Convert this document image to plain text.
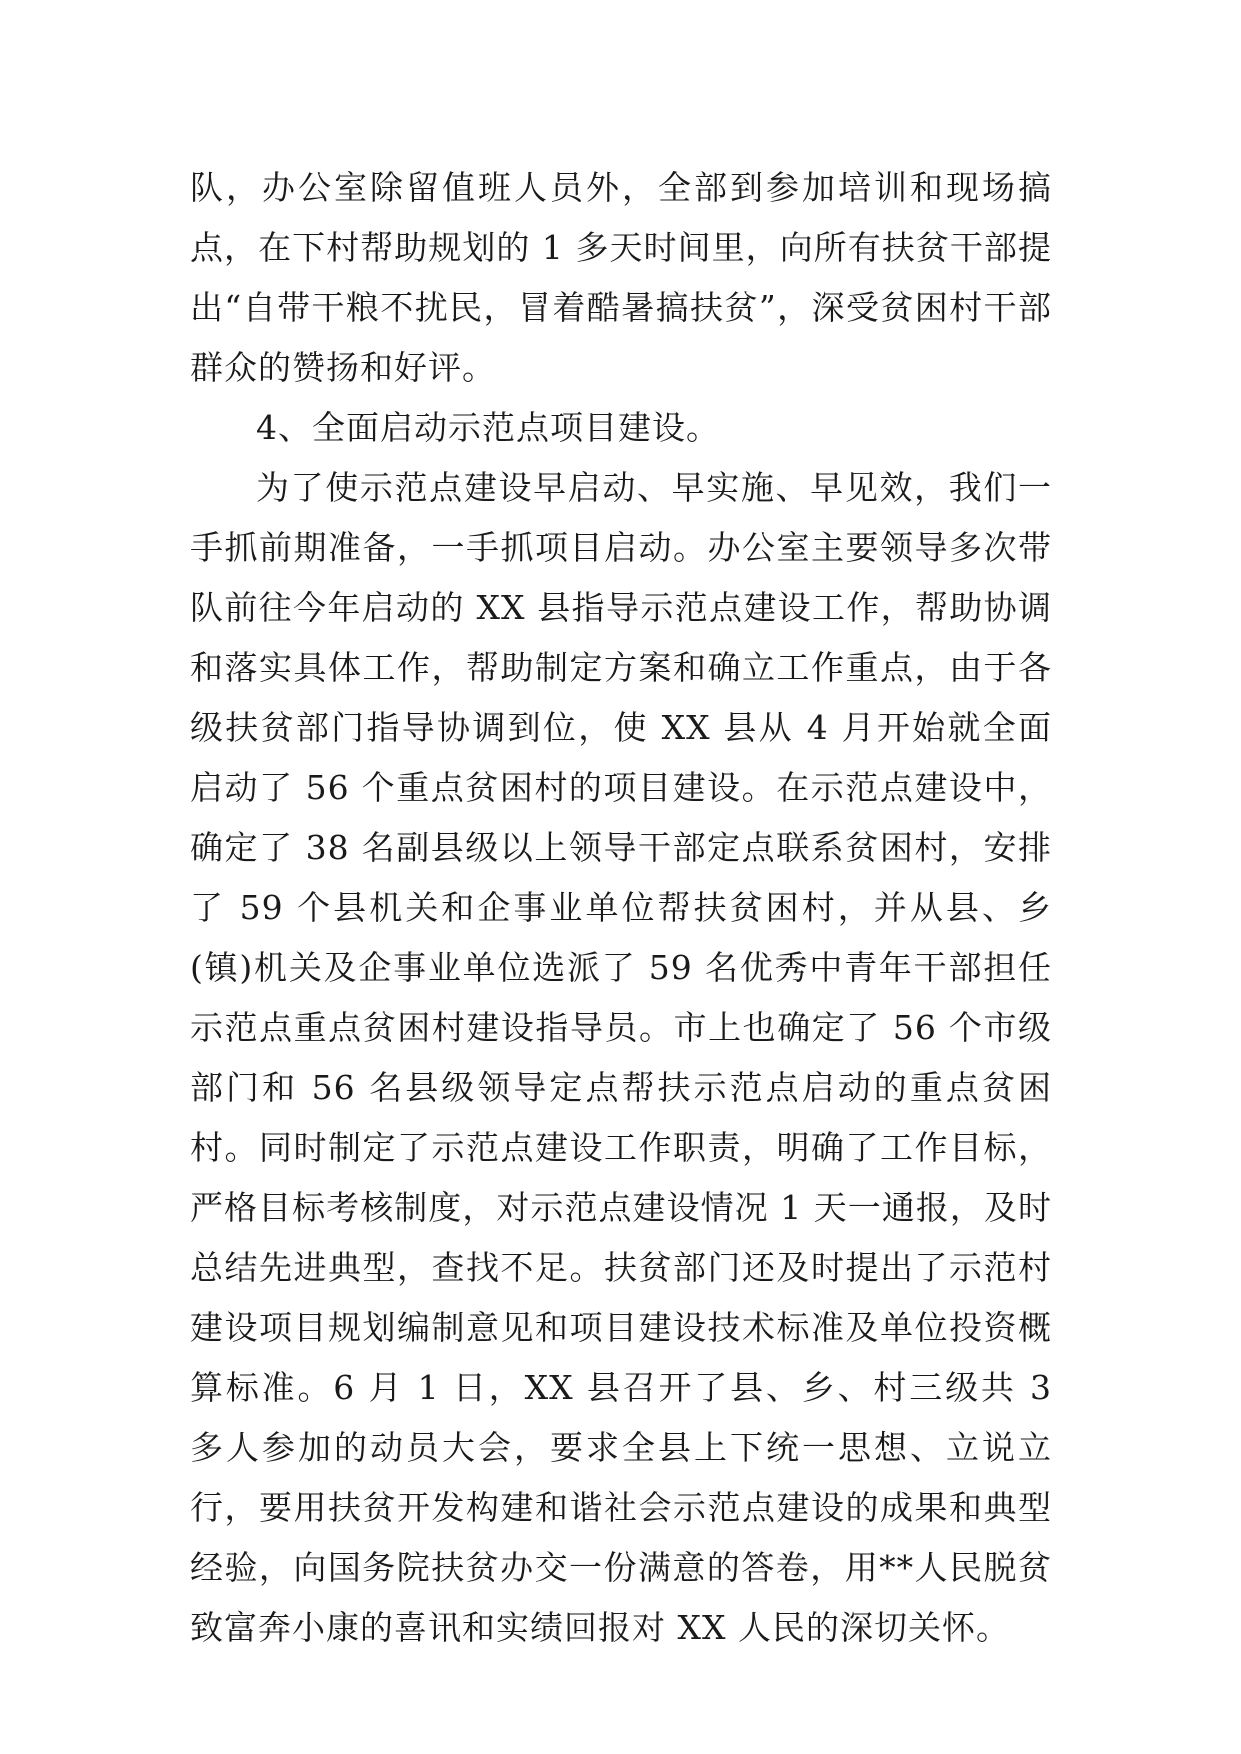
队，办公室除留值班人员外，全部到参加培训和现场搞点，在下村帮助规划的 1 多天时间里，向所有扶贫干部提出“自带干粮不扰民，冒着酷暑搞扶贫”，深受贫困村干部群众的赞扬和好评。

4、全面启动示范点项目建设。

为了使示范点建设早启动、早实施、早见效，我们一手抓前期准备，一手抓项目启动。办公室主要领导多次带队前往今年启动的 XX 县指导示范点建设工作，帮助协调和落实具体工作，帮助制定方案和确立工作重点，由于各级扶贫部门指导协调到位，使 XX 县从 4 月开始就全面启动了 56 个重点贫困村的项目建设。在示范点建设中，确定了 38 名副县级以上领导干部定点联系贫困村，安排了 59 个县机关和企事业单位帮扶贫困村，并从县、乡(镇)机关及企事业单位选派了 59 名优秀中青年干部担任示范点重点贫困村建设指导员。市上也确定了 56 个市级部门和 56 名县级领导定点帮扶示范点启动的重点贫困村。同时制定了示范点建设工作职责，明确了工作目标，严格目标考核制度，对示范点建设情况 1 天一通报，及时总结先进典型，查找不足。扶贫部门还及时提出了示范村建设项目规划编制意见和项目建设技术标准及单位投资概算标准。6 月 1 日，XX 县召开了县、乡、村三级共 3 多人参加的动员大会，要求全县上下统一思想、立说立行，要用扶贫开发构建和谐社会示范点建设的成果和典型经验，向国务院扶贫办交一份满意的答卷，用**人民脱贫致富奔小康的喜讯和实绩回报对 XX 人民的深切关怀。
